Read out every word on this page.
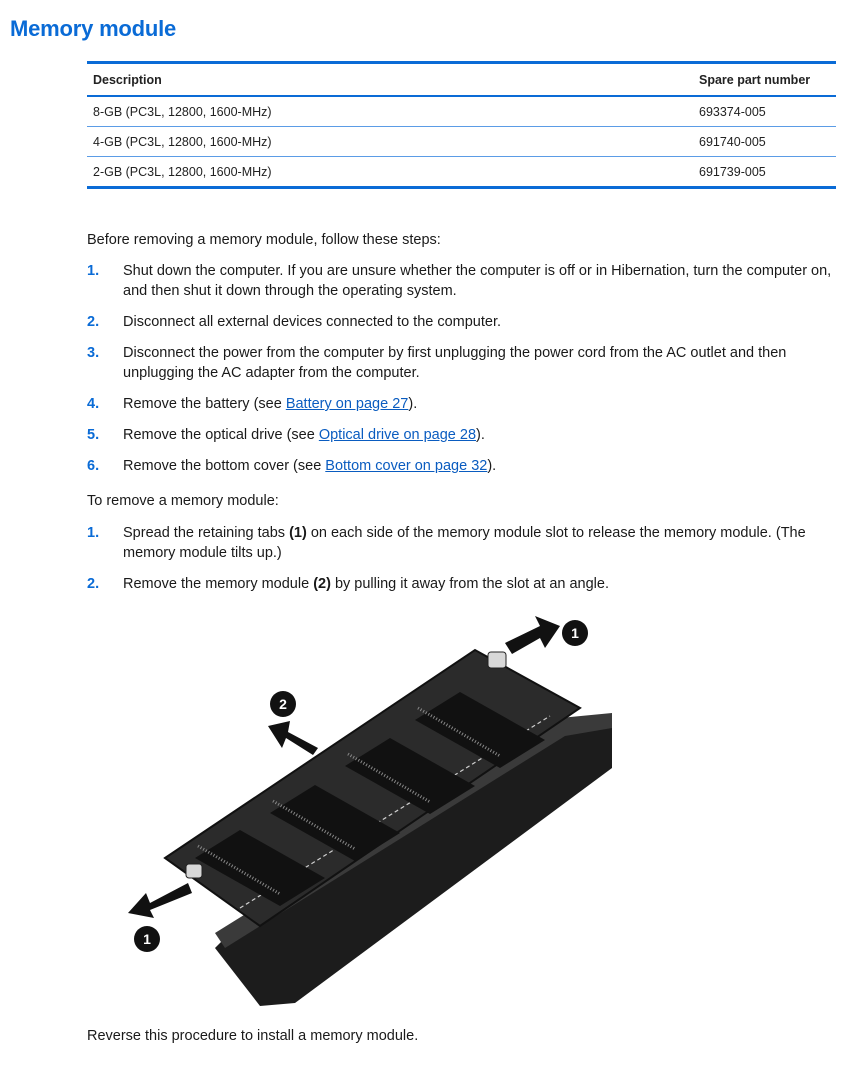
Memory module
Description	Spare part number
8-GB (PC3L, 12800, 1600-MHz)	693374-005
4-GB (PC3L, 12800, 1600-MHz)	691740-005
2-GB (PC3L, 12800, 1600-MHz)	691739-005

Before removing a memory module, follow these steps:

1. Shut down the computer. If you are unsure whether the computer is off or in Hibernation, turn the computer on, and then shut it down through the operating system.
2. Disconnect all external devices connected to the computer.
3. Disconnect the power from the computer by first unplugging the power cord from the AC outlet and then unplugging the AC adapter from the computer.
4. Remove the battery (see Battery on page 27).
5. Remove the optical drive (see Optical drive on page 28).
6. Remove the bottom cover (see Bottom cover on page 32).

To remove a memory module:

1. Spread the retaining tabs (1) on each side of the memory module slot to release the memory module. (The memory module tilts up.)
2. Remove the memory module (2) by pulling it away from the slot at an angle.
1
2
1

Reverse this procedure to install a memory module.
